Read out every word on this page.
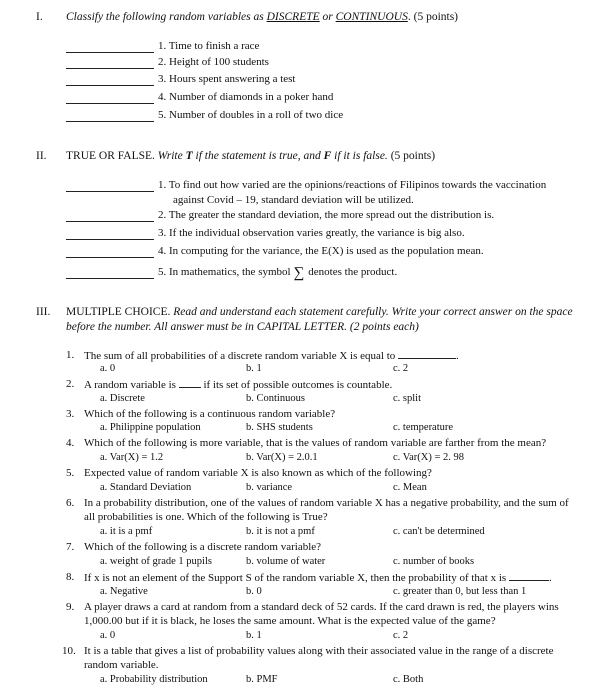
I. Classify the following random variables as DISCRETE or CONTINUOUS. (5 points)
1. Time to finish a race
2. Height of 100 students
3. Hours spent answering a test
4. Number of diamonds in a poker hand
5. Number of doubles in a roll of two dice
II. TRUE OR FALSE. Write T if the statement is true, and F if it is false. (5 points)
1. To find out how varied are the opinions/reactions of Filipinos towards the vaccination
against Covid – 19, standard deviation will be utilized.
2. The greater the standard deviation, the more spread out the distribution is.
3. If the individual observation varies greatly, the variance is big also.
4. In computing for the variance, the E(X) is used as the population mean.
5. In mathematics, the symbol ∑ denotes the product.
III. MULTIPLE CHOICE. Read and understand each statement carefully. Write your correct answer on the space
before the number. All answer must be in CAPITAL LETTER. (2 points each)
1. The sum of all probabilities of a discrete random variable X is equal to	.
a. 0	b. 1	c. 2
2. A random variable is	if its set of possible outcomes is countable.
a. Discrete	b. Continuous	c. split
3. Which of the following is a continuous random variable?
a. Philippine population	b. SHS students	c. temperature
4. Which of the following is more variable, that is the values of random variable are farther from the mean?
a. Var(X) = 1.2	b. Var(X) = 2.0.1	c. Var(X) = 2. 98
5. Expected value of random variable X is also known as which of the following?
a. Standard Deviation	b. variance	c. Mean
6. In a probability distribution, one of the values of random variable X has a negative probability, and the sum of
all probabilities is one. Which of the following is True?
a. it is a pmf	b. it is not a pmf	c. can't be determined
7. Which of the following is a discrete random variable?
a. weight of grade 1 pupils	b. volume of water	c. number of books
8. If x is not an element of the Support S of the random variable X, then the probability of that x is	.
a. Negative	b. 0	c. greater than 0, but less than 1
9. A player draws a card at random from a standard deck of 52 cards. If the card drawn is red, the players wins
1,000.00 but if it is black, he loses the same amount. What is the expected value of the game?
a. 0	b. 1	c. 2
10. It is a table that gives a list of probability values along with their associated value in the range of a discrete
random variable.
a. Probability distribution	b. PMF	c. Both
